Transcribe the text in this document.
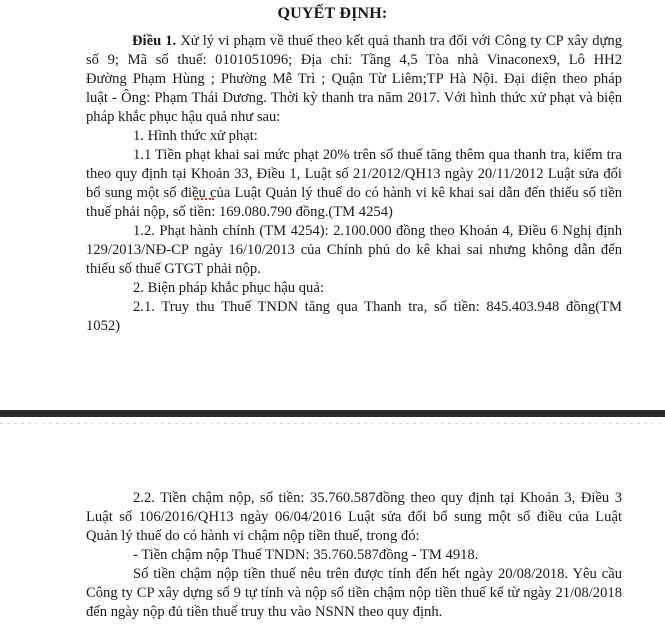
QUYẾT ĐỊNH:
Điều 1. Xử lý vi phạm về thuế theo kết quả thanh tra đối với Công ty CP xây dựng
số 9; Mã số thuế: 0101051096; Địa chỉ: Tầng 4,5 Tòa nhà Vinaconex9, Lô HH2
Đường Phạm Hùng ; Phường Mễ Trì ; Quận Từ Liêm;TP Hà Nội. Đại diện theo pháp
luật - Ông: Phạm Thái Dương. Thời kỳ thanh tra năm 2017. Với hình thức xử phạt và biện
pháp khắc phục hậu quả như sau:
1. Hình thức xử phạt:
1.1 Tiền phạt khai sai mức phạt 20% trên số thuế tăng thêm qua thanh tra, kiểm tra
theo quy định tại Khoản 33, Điều 1, Luật số 21/2012/QH13 ngày 20/11/2012 Luật sửa đổi
bổ sung một số điều của Luật Quản lý thuế do có hành vi kê khai sai dẫn đến thiếu số tiền
thuế phải nộp, số tiền: 169.080.790 đồng.(TM 4254)
1.2. Phạt hành chính (TM 4254): 2.100.000 đồng theo Khoản 4, Điều 6 Nghị định
129/2013/NĐ-CP ngày 16/10/2013 của Chính phủ do kê khai sai nhưng không dẫn đến
thiếu số thuế GTGT phải nộp.
2. Biện pháp khắc phục hậu quả:
2.1. Truy thu Thuế TNDN tăng qua Thanh tra, số tiền: 845.403.948 đồng(TM
1052)
2.2. Tiền chậm nộp, số tiền: 35.760.587đồng theo quy định tại Khoản 3, Điều 3
Luật số 106/2016/QH13 ngày 06/04/2016 Luật sửa đổi bổ sung một số điều của Luật
Quản lý thuế do có hành vi chậm nộp tiền thuế, trong đó:
- Tiền chậm nộp Thuế TNDN: 35.760.587đồng - TM 4918.
Số tiền chậm nộp tiền thuế nêu trên được tính đến hết ngày 20/08/2018. Yêu cầu
Công ty CP xây dựng số 9 tự tính và nộp số tiền chậm nộp tiền thuế kể từ ngày 21/08/2018
đến ngày nộp đủ tiền thuế truy thu vào NSNN theo quy định.
